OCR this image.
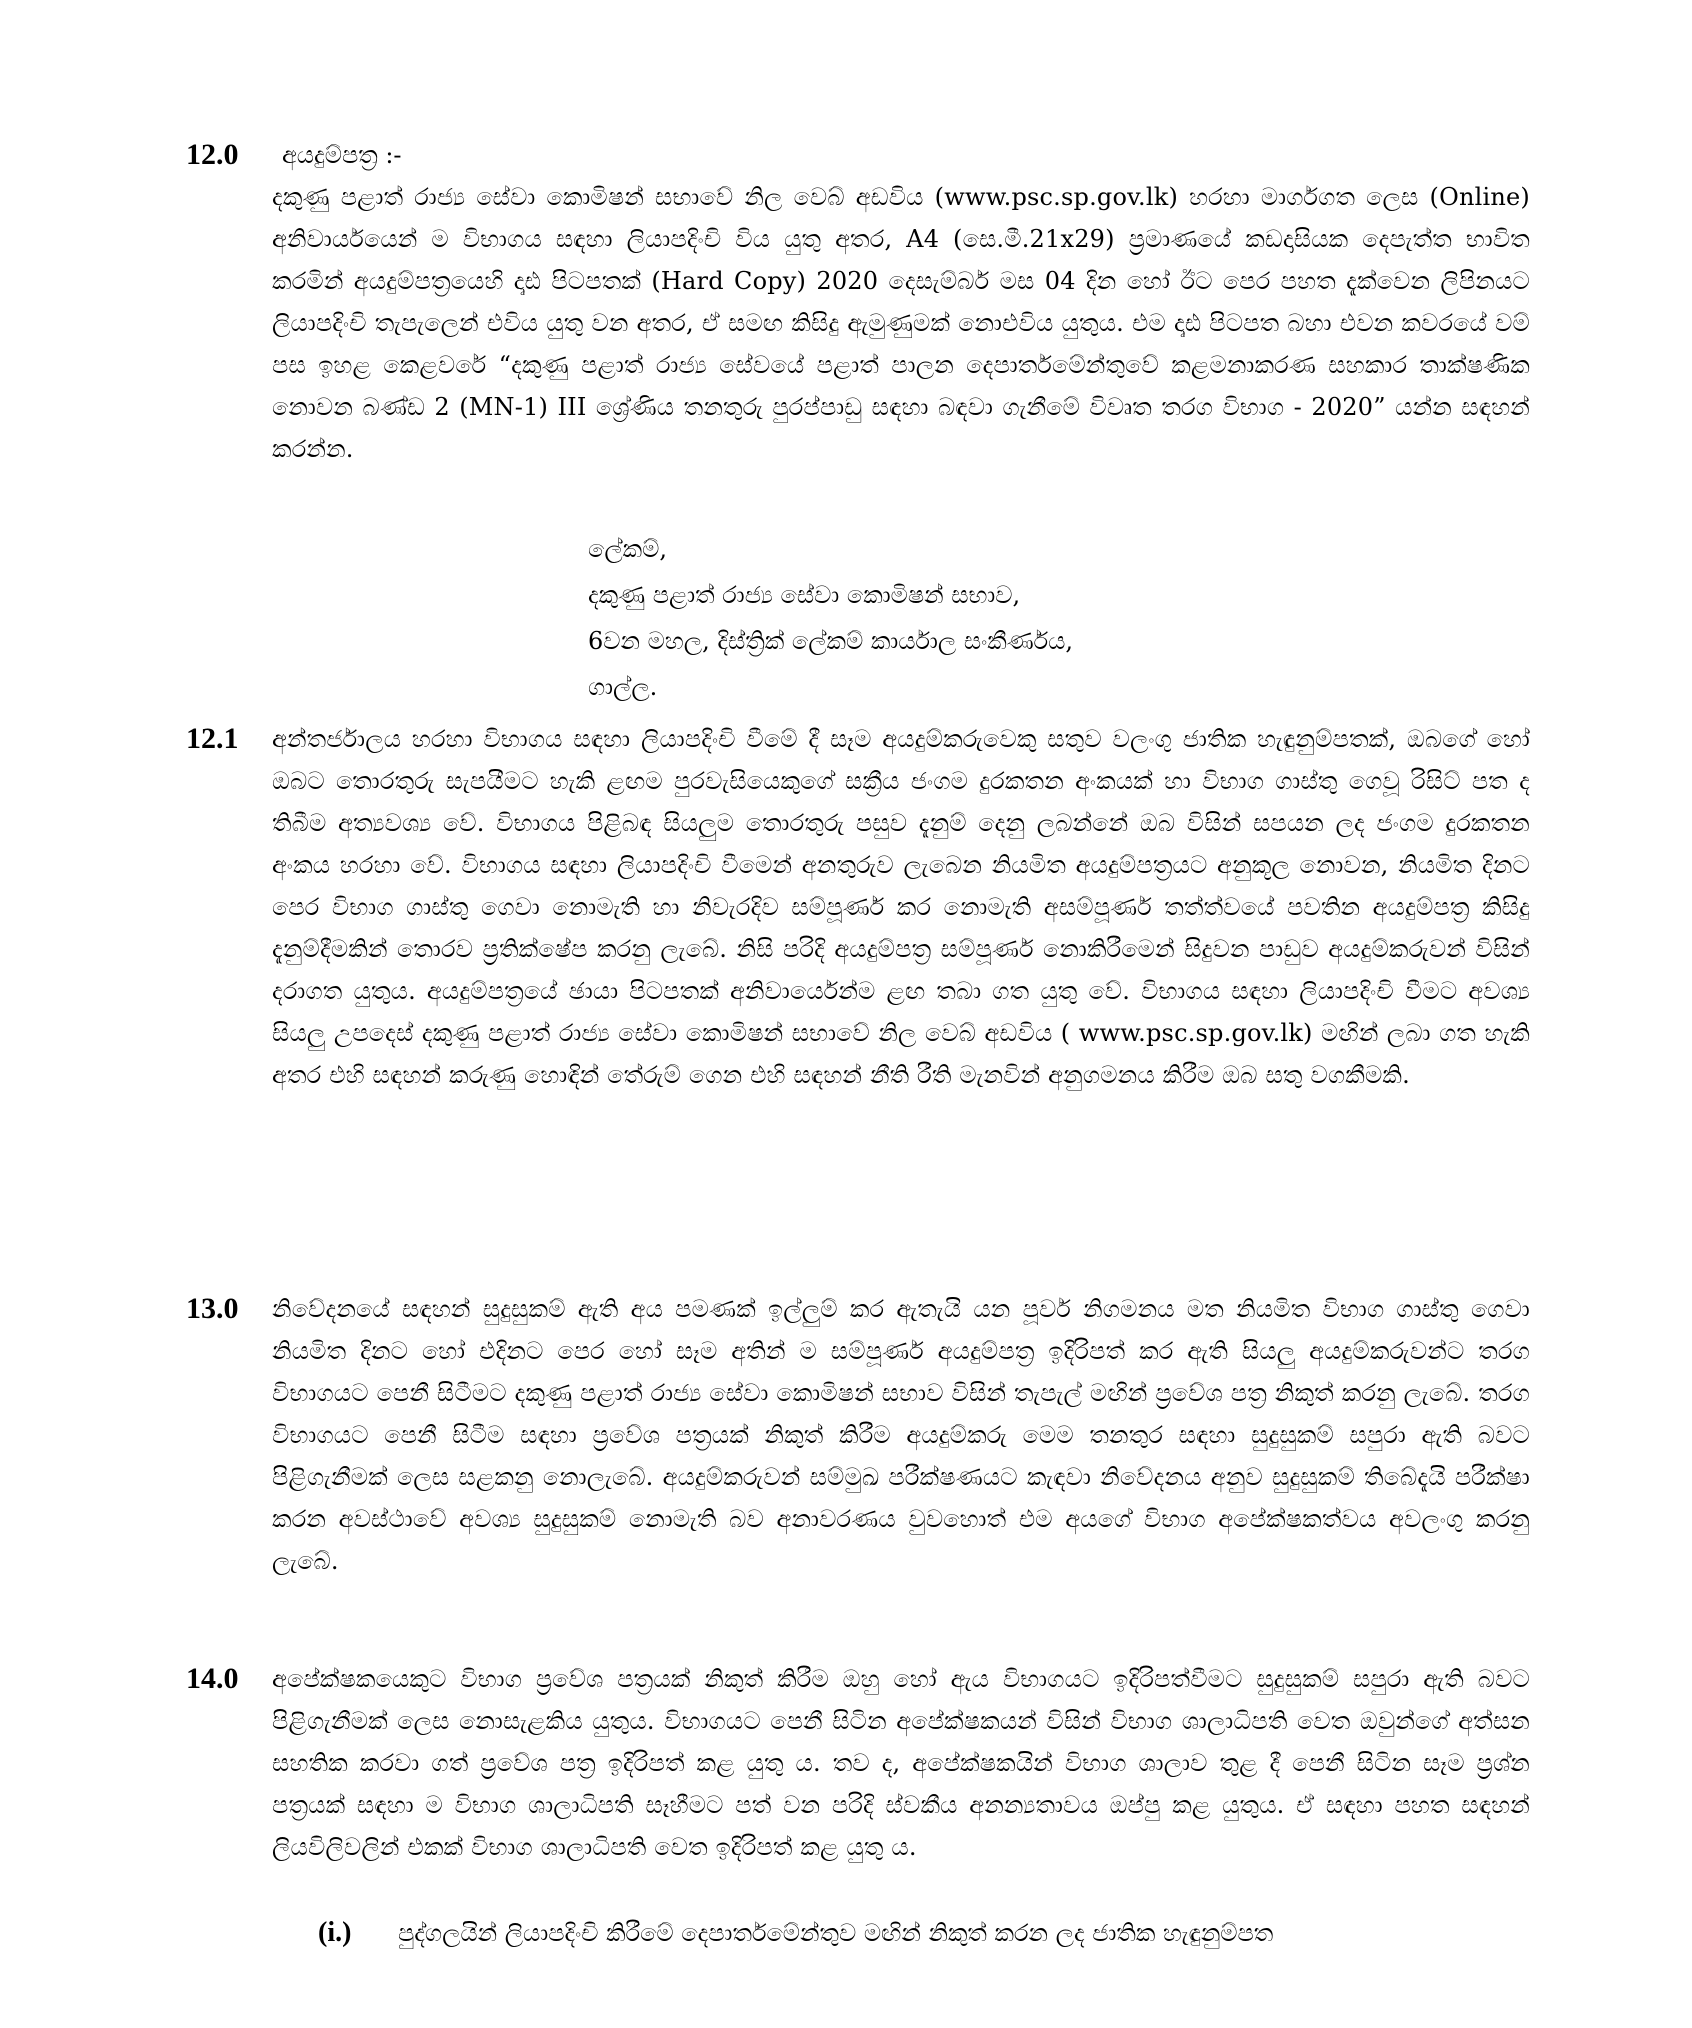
12.0 අයදුම්පත්‍ර :-

දකුණු පළාත් රාජ්‍ය සේවා කොමිෂන් සභාවේ නිල වෙබ් අඩවිය (www.psc.sp.gov.lk) හරහා මාර්ගගත ලෙස (Online) අනිවාර්යයෙන් ම විභාගය සඳහා ලියාපදිංචි විය යුතු අතර, A4 (සෙ.මී.21x29) ප්‍රමාණයේ කඩදාසියක දෙපැත්ත භාවිත කරමින් අයදුම්පත්‍රයෙහි දෘඪ පිටපතක් (Hard Copy) 2020 දෙසැම්බර් මස 04 දින හෝ ඊට පෙර පහත දැක්වෙන ලිපිනයට ලියාපදිංචි තැපැලෙන් එවිය යුතු වන අතර, ඒ සමඟ කිසිදු ඇමුණුමක් නොඑවිය යුතුය. එම දෘඪ පිටපත බහා එවන කවරයේ වම් පස ඉහළ කෙළවරේ “දකුණු පළාත් රාජ්‍ය සේවයේ පළාත් පාලන දෙපාර්තමේන්තුවේ කළමනාකරණ සහකාර තාක්ෂණික නොවන බණ්ඩ 2 (MN-1) III ශ්‍රේණිය තනතුරු පුරප්පාඩු සඳහා බඳවා ගැනීමේ විවෘත තරග විභාග - 2020” යන්න සඳහන් කරන්න.

ලේකම්,
දකුණු පළාත් රාජ්‍ය සේවා කොමිෂන් සභාව,
6වන මහල, දිස්ත්‍රික් ලේකම් කාර්යාල සංකීර්ණය,
ගාල්ල.
12.1 අන්තර්ජාලය හරහා විභාගය සඳහා ලියාපදිංචි වීමේ දී සෑම අයදුම්කරුවෙකු සතුව වලංගු ජාතික හැඳුනුම්පතක්, ඔබගේ හෝ ඔබට තොරතුරු සැපයීමට හැකි ළඟම පුරවැසියෙකුගේ සක්‍රීය ජංගම දුරකතන අංකයක් හා විභාග ගාස්තු ගෙවූ රිසිට් පත ද තිබීම අත්‍යවශ්‍ය වේ. විභාගය පිළිබඳ සියලුම තොරතුරු පසුව දැනුම් දෙනු ලබන්නේ ඔබ විසින් සපයන ලද ජංගම දුරකතන අංකය හරහා වේ. විභාගය සඳහා ලියාපදිංචි වීමෙන් අනතුරුව ලැබෙන නියමිත අයදුම්පත්‍රයට අනුකූල නොවන, නියමිත දිනට පෙර විභාග ගාස්තු ගෙවා නොමැති හා නිවැරදිව සම්පූර්ණ කර නොමැති අසම්පූර්ණ තත්ත්වයේ පවතින අයදුම්පත්‍ර කිසිදු දැනුම්දීමකින් තොරව ප්‍රතික්ෂේප කරනු ලැබේ. නිසි පරිදි අයදුම්පත්‍ර සම්පූර්ණ නොකිරීමෙන් සිදුවන පාඩුව අයදුම්කරුවන් විසින් දරාගත යුතුය. අයදුම්පත්‍රයේ ඡායා පිටපතක් අනිවාර්යෙන්ම ළඟ තබා ගත යුතු වේ. විභාගය සඳහා ලියාපදිංචි වීමට අවශ්‍ය සියලු උපදෙස් දකුණු පළාත් රාජ්‍ය සේවා කොමිෂන් සභාවේ නිල වෙබ් අඩවිය ( www.psc.sp.gov.lk) මඟින් ලබා ගත හැකි අතර එහි සඳහන් කරුණු හොඳින් තේරුම් ගෙන එහි සඳහන් නීති රීති මැනවින් අනුගමනය කිරීම ඔබ සතු වගකීමකි.

13.0 නිවේදනයේ සඳහන් සුදුසුකම් ඇති අය පමණක් ඉල්ලුම් කර ඇතැයි යන පූර්ව නිගමනය මත නියමිත විභාග ගාස්තු ගෙවා නියමිත දිනට හෝ එදිනට පෙර හෝ සෑම අතින් ම සම්පූර්ණ අයදුම්පත්‍ර ඉදිරිපත් කර ඇති සියලු අයදුම්කරුවන්ට තරග විභාගයට පෙනී සිටීමට දකුණු පළාත් රාජ්‍ය සේවා කොමිෂන් සභාව විසින් තැපැල් මඟින් ප්‍රවේශ පත්‍ර නිකුත් කරනු ලැබේ. තරග විභාගයට පෙනී සිටීම සඳහා ප්‍රවේශ පත්‍රයක් නිකුත් කිරීම අයදුම්කරු මෙම තනතුර සඳහා සුදුසුකම් සපුරා ඇති බවට පිළිගැනීමක් ලෙස සළකනු නොලැබේ. අයදුම්කරුවන් සම්මුඛ පරීක්ෂණයට කැඳවා නිවේදනය අනුව සුදුසුකම් තිබේදැයි පරීක්ෂා කරන අවස්ථාවේ අවශ්‍ය සුදුසුකම් නොමැති බව අනාවරණය වුවහොත් එම අයගේ විභාග අපේක්ෂකත්වය අවලංගු කරනු ලැබේ.

14.0 අපේක්ෂකයෙකුට විභාග ප්‍රවේශ පත්‍රයක් නිකුත් කිරීම ඔහු හෝ ඇය විභාගයට ඉදිරිපත්වීමට සුදුසුකම් සපුරා ඇති බවට පිළිගැනීමක් ලෙස නොසැළකිය යුතුය. විභාගයට පෙනී සිටින අපේක්ෂකයන් විසින් විභාග ශාලාධිපති වෙත ඔවුන්ගේ අත්සන සහතික කරවා ගත් ප්‍රවේශ පත්‍ර ඉදිරිපත් කළ යුතු ය. තව ද, අපේක්ෂකයින් විභාග ශාලාව තුළ දී පෙනී සිටින සෑම ප්‍රශ්න පත්‍රයක් සඳහා ම විභාග ශාලාධිපති සෑහීමට පත් වන පරිදි ස්වකීය අනන්‍යතාවය ඔප්පු කළ යුතුය. ඒ සඳහා පහත සඳහන් ලියවිලිවලින් එකක් විභාග ශාලාධිපති වෙත ඉදිරිපත් කළ යුතු ය.

(i.) පුද්ගලයින් ලියාපදිංචි කිරීමේ දෙපාර්තමේන්තුව මඟින් නිකුත් කරන ලද ජාතික හැඳුනුම්පත
